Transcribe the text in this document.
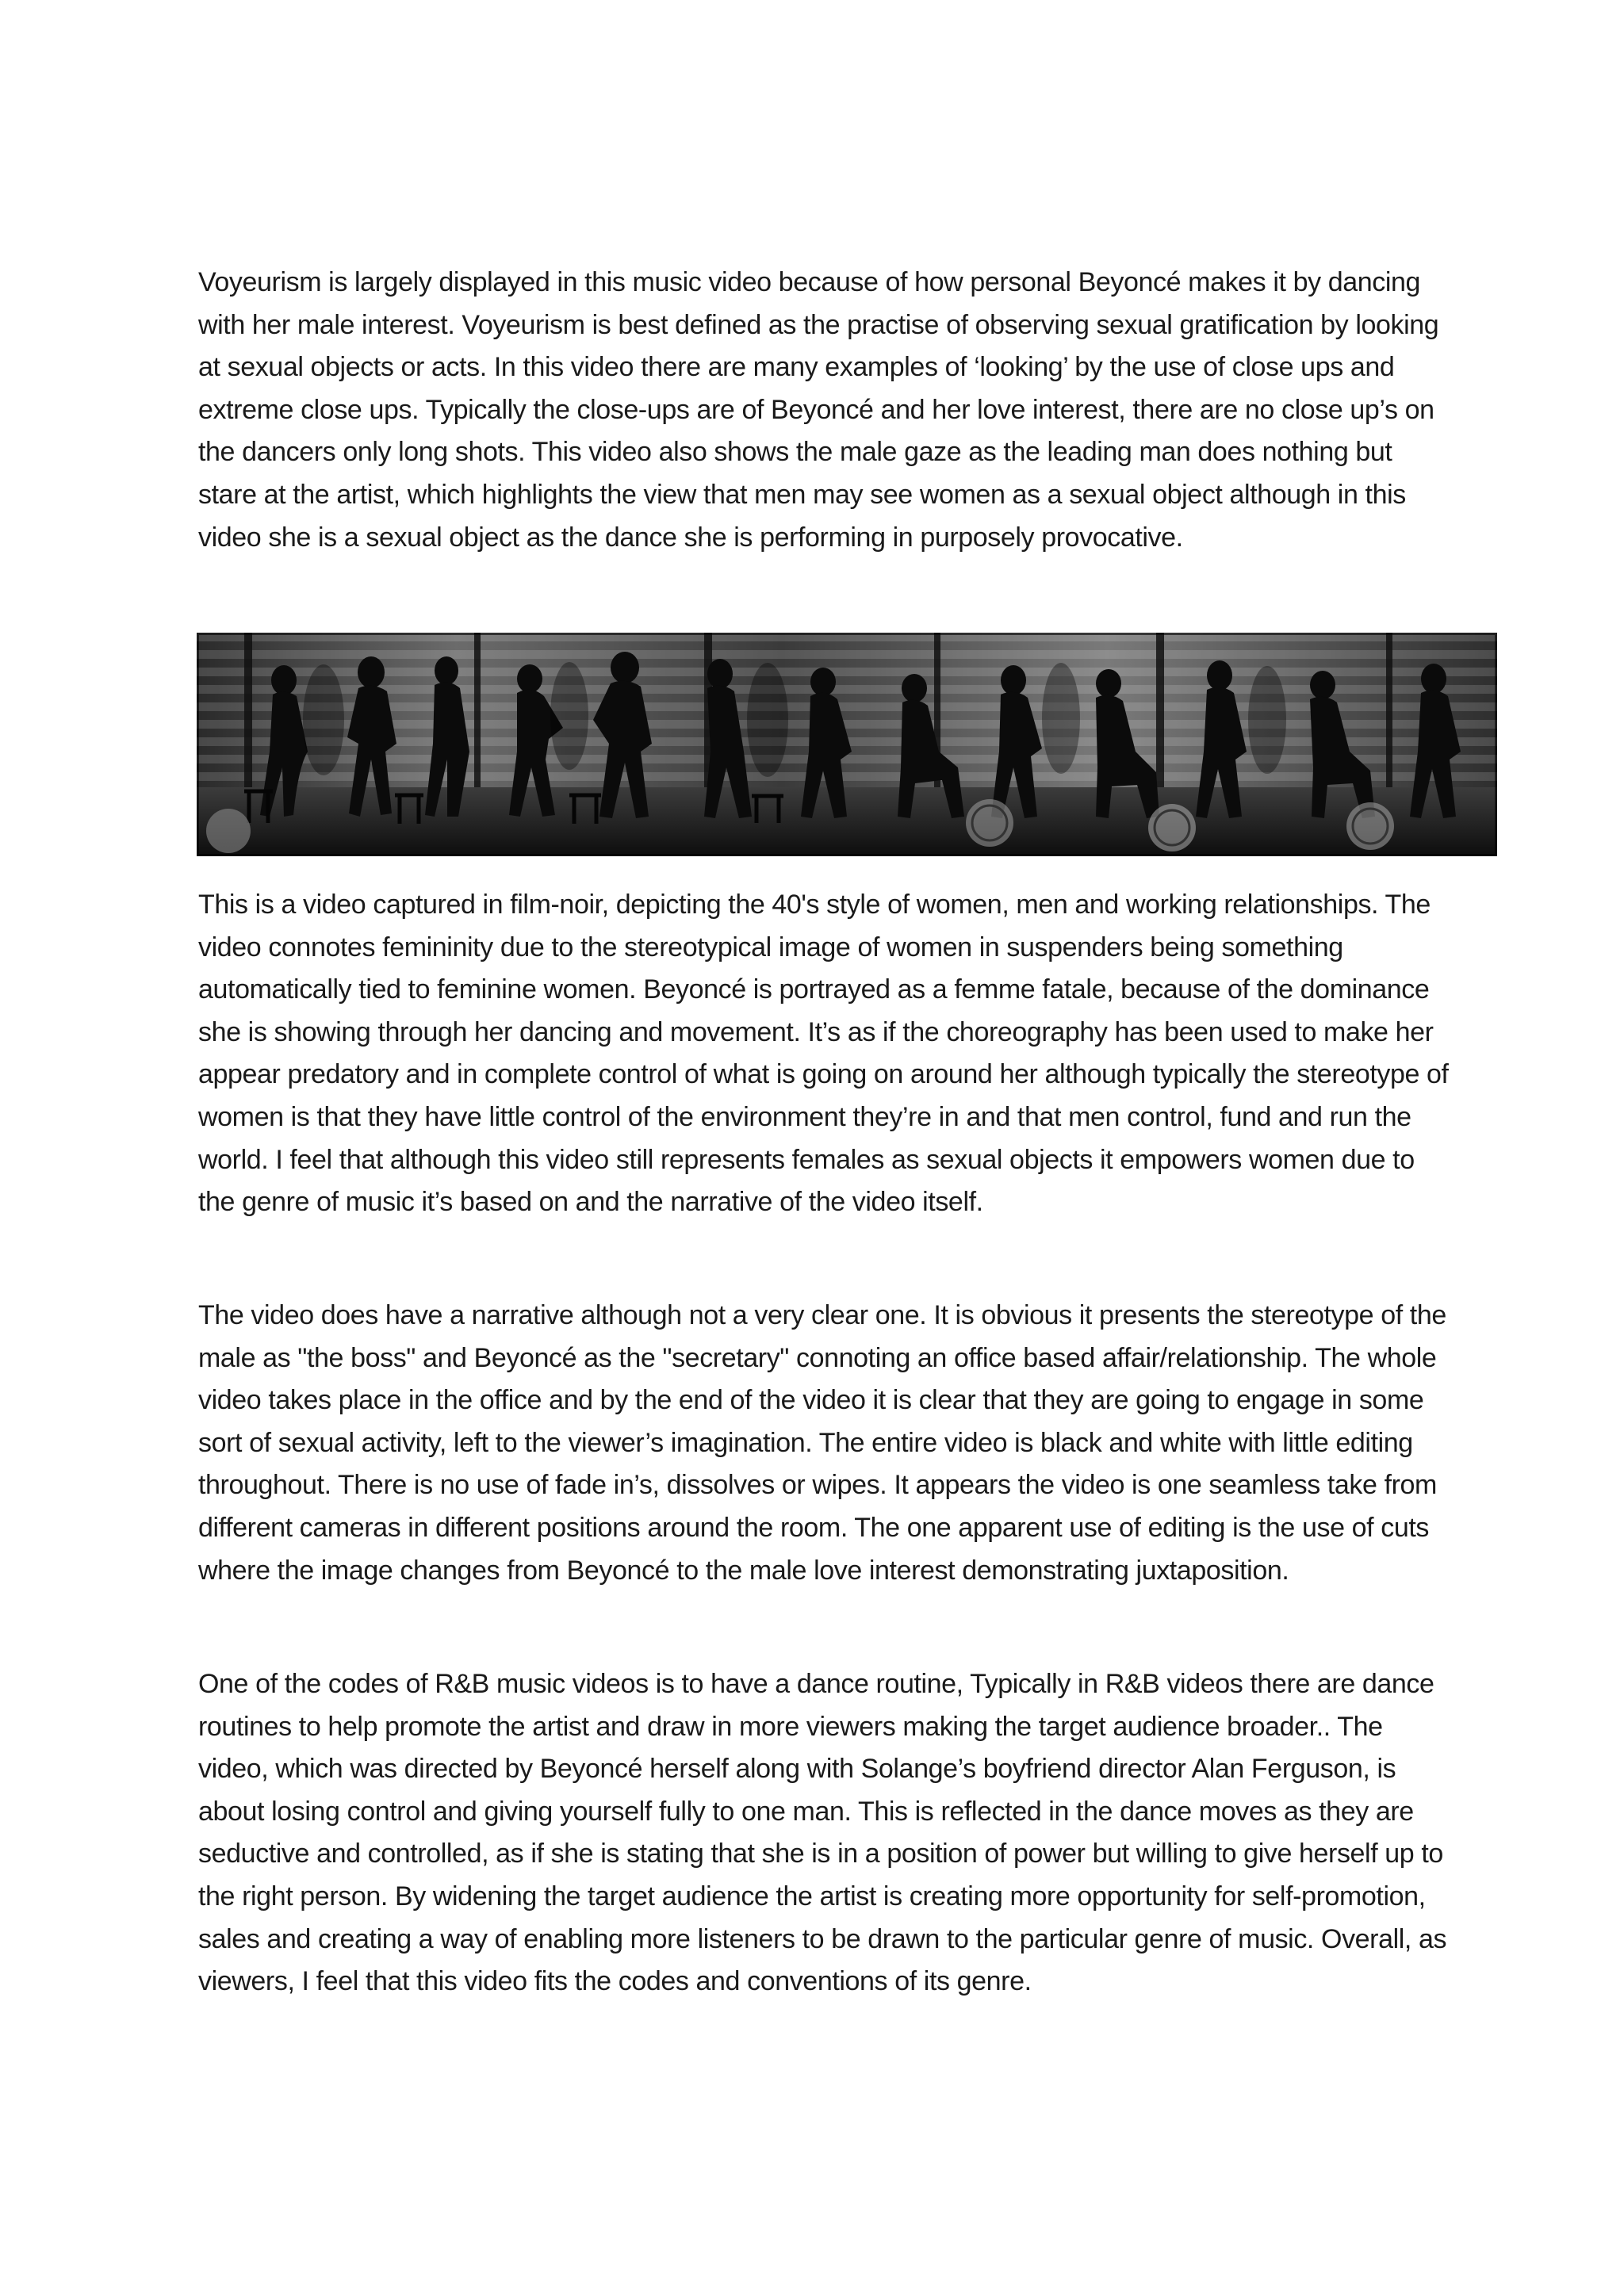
Voyeurism is largely displayed in this music video because of how personal Beyoncé makes it by dancing with her male interest. Voyeurism is best defined as the practise of observing sexual gratification by looking at sexual objects or acts. In this video there are many examples of ‘looking’ by the use of close ups and extreme close ups. Typically the close-ups are of Beyoncé and her love interest, there are no close up’s on the dancers only long shots. This video also shows the male gaze as the leading man does nothing but stare at the artist, which highlights the view that men may see women as a sexual object although in this video she is a sexual object as the dance she is performing in purposely provocative.

This is a video captured in film-noir, depicting the 40's style of women, men and working relationships. The video connotes femininity due to the stereotypical image of women in suspenders being something automatically tied to feminine women. Beyoncé is portrayed as a femme fatale, because of the dominance she is showing through her dancing and movement. It’s as if the choreography has been used to make her appear predatory and in complete control of what is going on around her although typically the stereotype of women is that they have little control of the environment they’re in and that men control, fund and run the world. I feel that although this video still represents females as sexual objects it empowers women due to the genre of music it’s based on and the narrative of the video itself.

The video does have a narrative although not a very clear one. It is obvious it presents the stereotype of the male as "the boss" and Beyoncé as the "secretary" connoting an office based affair/relationship. The whole video takes place in the office and by the end of the video it is clear that they are going to engage in some sort of sexual activity, left to the viewer’s imagination. The entire video is black and white with little editing throughout. There is no use of fade in’s, dissolves or wipes. It appears the video is one seamless take from different cameras in different positions around the room. The one apparent use of editing is the use of cuts where the image changes from Beyoncé to the male love interest demonstrating juxtaposition.

One of the codes of R&B music videos is to have a dance routine, Typically in R&B videos there are dance routines to help promote the artist and draw in more viewers making the target audience broader.. The video, which was directed by Beyoncé herself along with Solange’s boyfriend director Alan Ferguson, is about losing control and giving yourself fully to one man. This is reflected in the dance moves as they are seductive and controlled, as if she is stating that she is in a position of power but willing to give herself up to the right person. By widening the target audience the artist is creating more opportunity for self-promotion, sales and creating a way of enabling more listeners to be drawn to the particular genre of music. Overall, as viewers, I feel that this video fits the codes and conventions of its genre.
